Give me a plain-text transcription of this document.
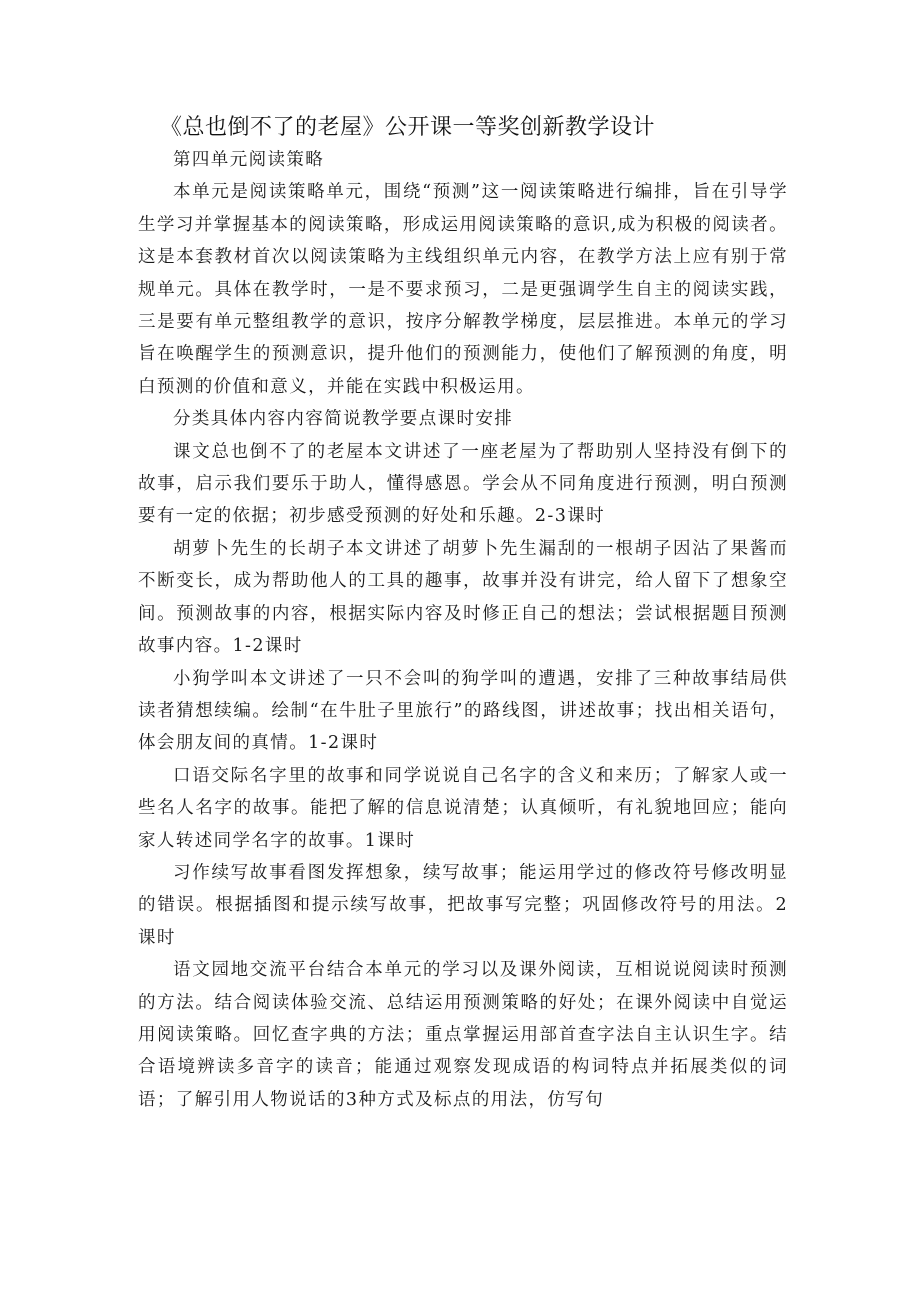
《总也倒不了的老屋》公开课一等奖创新教学设计

第四单元阅读策略

本单元是阅读策略单元，围绕“预测”这一阅读策略进行编排，旨在引导学生学习并掌握基本的阅读策略，形成运用阅读策略的意识,成为积极的阅读者。这是本套教材首次以阅读策略为主线组织单元内容，在教学方法上应有别于常规单元。具体在教学时，一是不要求预习，二是更强调学生自主的阅读实践，三是要有单元整组教学的意识，按序分解教学梯度，层层推进。本单元的学习旨在唤醒学生的预测意识，提升他们的预测能力，使他们了解预测的角度，明白预测的价值和意义，并能在实践中积极运用。

分类具体内容内容简说教学要点课时安排

课文总也倒不了的老屋本文讲述了一座老屋为了帮助别人坚持没有倒下的故事，启示我们要乐于助人，懂得感恩。学会从不同角度进行预测，明白预测要有一定的依据；初步感受预测的好处和乐趣。2-3课时

胡萝卜先生的长胡子本文讲述了胡萝卜先生漏刮的一根胡子因沾了果酱而不断变长，成为帮助他人的工具的趣事，故事并没有讲完，给人留下了想象空间。预测故事的内容，根据实际内容及时修正自己的想法；尝试根据题目预测故事内容。1-2课时

小狗学叫本文讲述了一只不会叫的狗学叫的遭遇，安排了三种故事结局供读者猜想续编。绘制“在牛肚子里旅行”的路线图，讲述故事；找出相关语句，体会朋友间的真情。1-2课时

口语交际名字里的故事和同学说说自己名字的含义和来历；了解家人或一些名人名字的故事。能把了解的信息说清楚；认真倾听，有礼貌地回应；能向家人转述同学名字的故事。1课时

习作续写故事看图发挥想象，续写故事；能运用学过的修改符号修改明显的错误。根据插图和提示续写故事，把故事写完整；巩固修改符号的用法。2课时

语文园地交流平台结合本单元的学习以及课外阅读，互相说说阅读时预测的方法。结合阅读体验交流、总结运用预测策略的好处；在课外阅读中自觉运用阅读策略。回忆查字典的方法；重点掌握运用部首查字法自主认识生字。结合语境辨读多音字的读音；能通过观察发现成语的构词特点并拓展类似的词语；了解引用人物说话的3种方式及标点的用法，仿写句
